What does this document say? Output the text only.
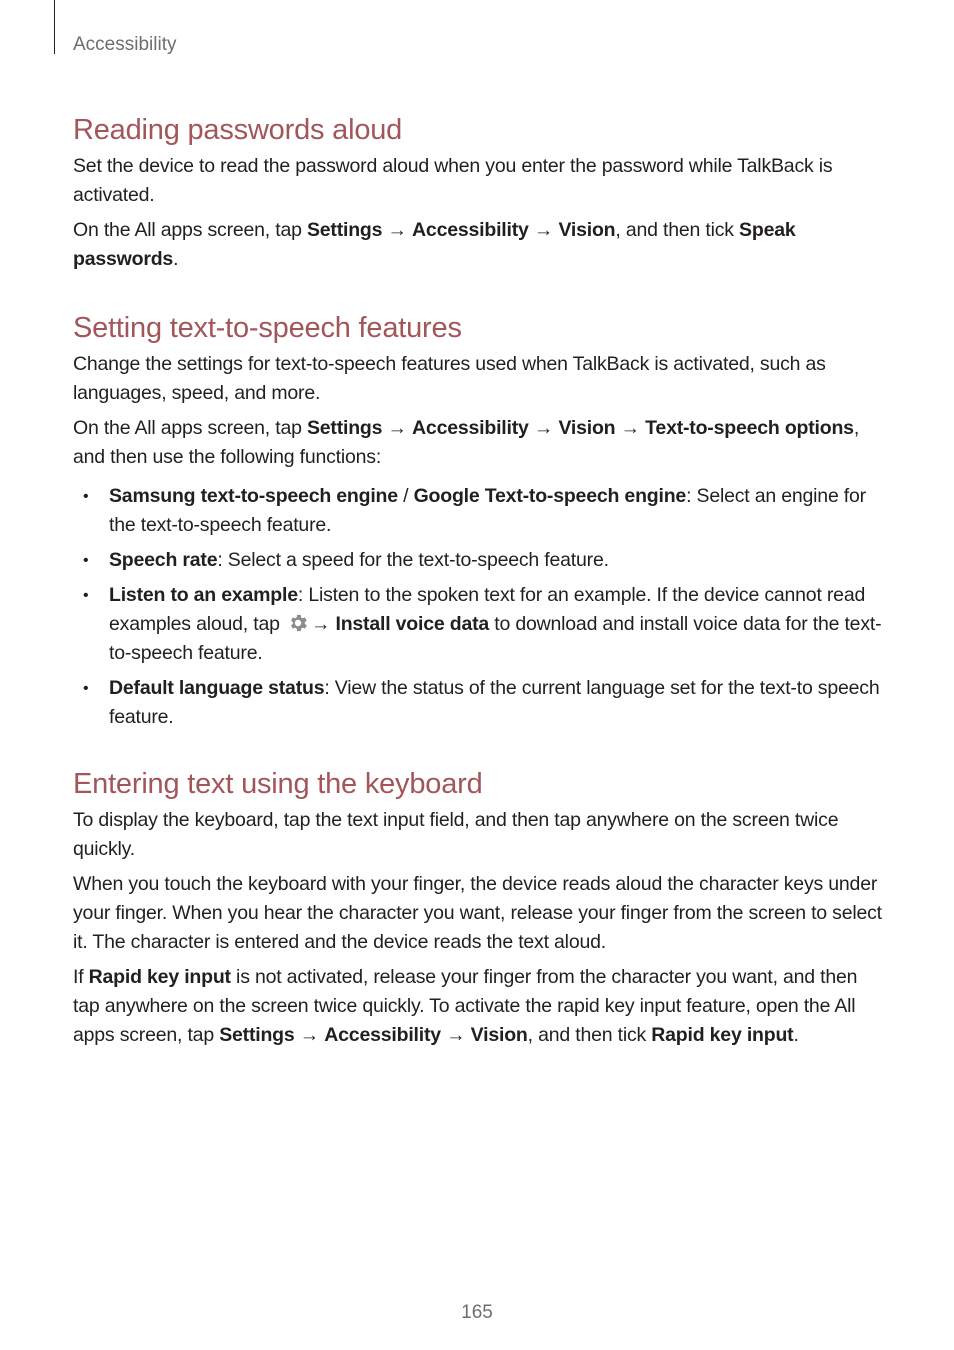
Accessibility
Reading passwords aloud

Set the device to read the password aloud when you enter the password while TalkBack is activated.

On the All apps screen, tap Settings → Accessibility → Vision, and then tick Speak passwords.

Setting text-to-speech features

Change the settings for text-to-speech features used when TalkBack is activated, such as languages, speed, and more.

On the All apps screen, tap Settings → Accessibility → Vision → Text-to-speech options, and then use the following functions:

• Samsung text-to-speech engine / Google Text-to-speech engine: Select an engine for the text-to-speech feature.
• Speech rate: Select a speed for the text-to-speech feature.
• Listen to an example: Listen to the spoken text for an example. If the device cannot read examples aloud, tap → Install voice data to download and install voice data for the text-to-speech feature.
• Default language status: View the status of the current language set for the text-to speech feature.
Entering text using the keyboard

To display the keyboard, tap the text input field, and then tap anywhere on the screen twice quickly.

When you touch the keyboard with your finger, the device reads aloud the character keys under your finger. When you hear the character you want, release your finger from the screen to select it. The character is entered and the device reads the text aloud.

If Rapid key input is not activated, release your finger from the character you want, and then tap anywhere on the screen twice quickly. To activate the rapid key input feature, open the All apps screen, tap Settings → Accessibility → Vision, and then tick Rapid key input.

165
